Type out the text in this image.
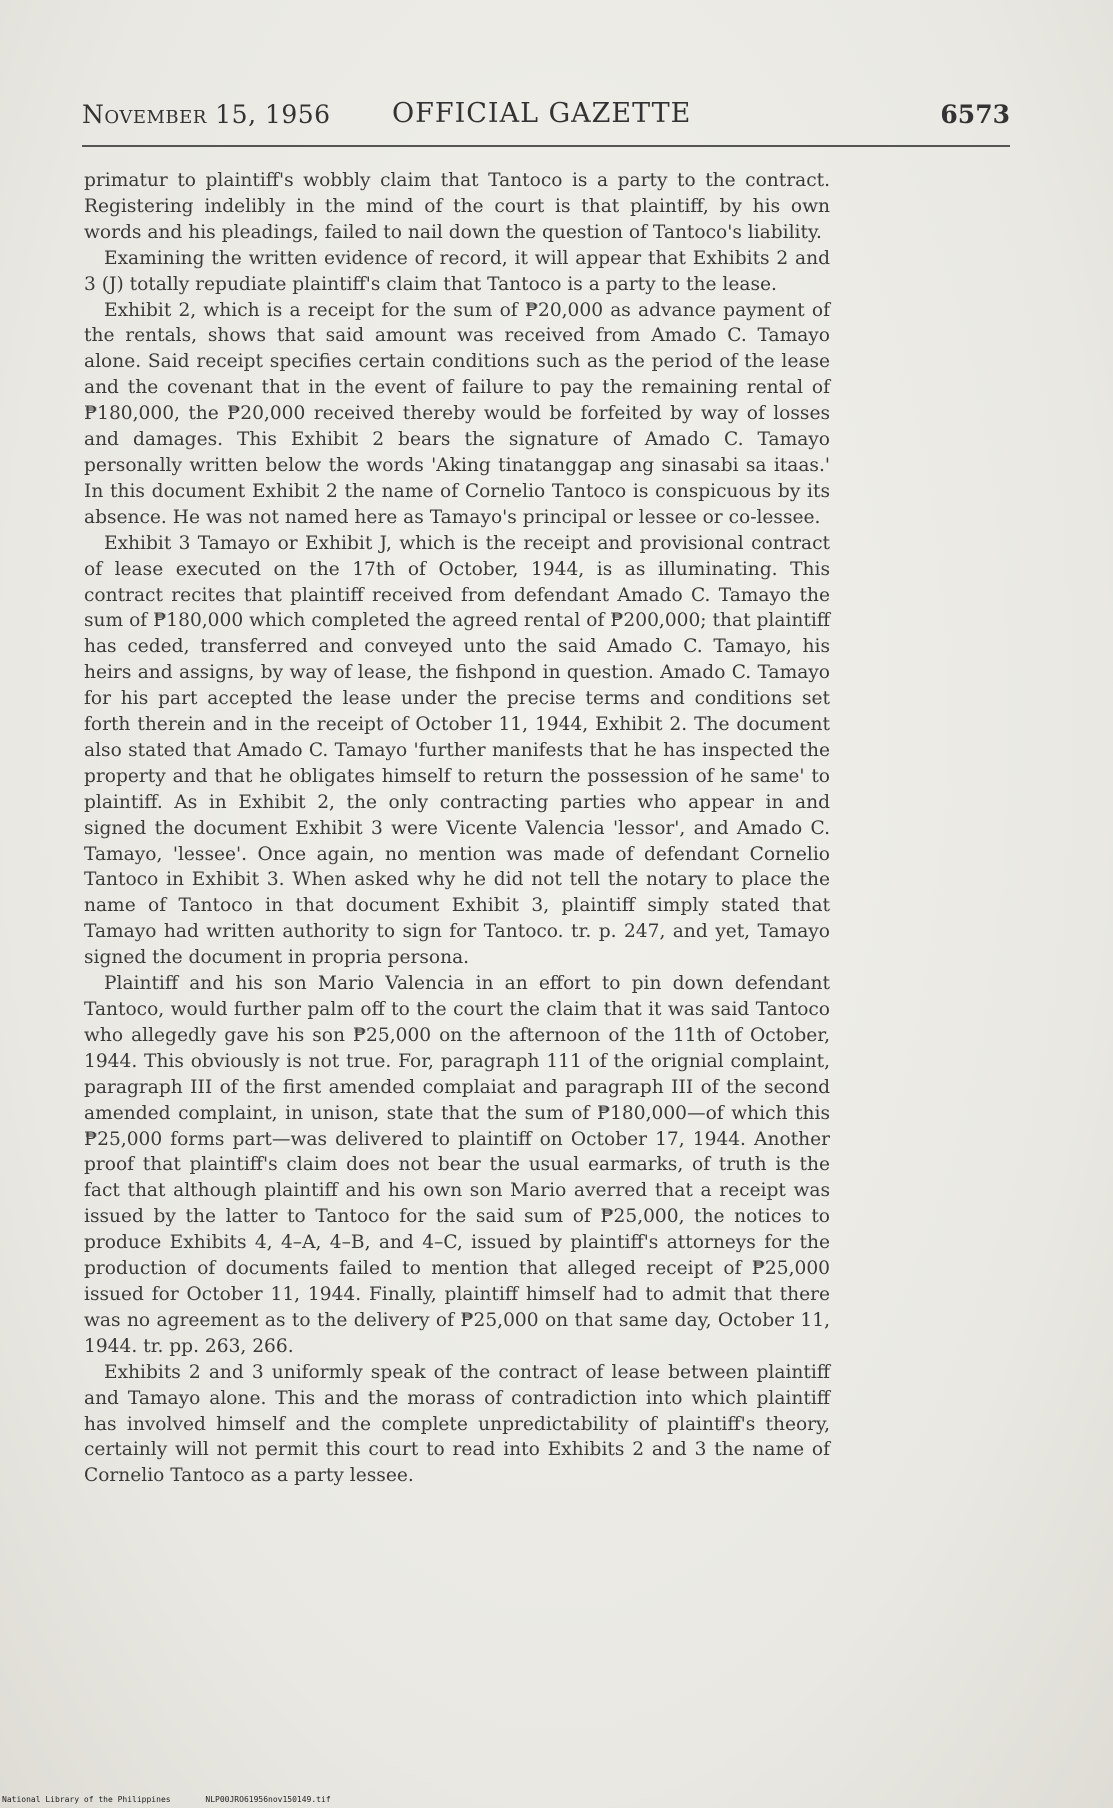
November 15, 1956 OFFICIAL GAZETTE	6573

primatur to plaintiff's wobbly claim that Tantoco is a party to the contract. Registering indelibly in the mind of the court is that plaintiff, by his own words and his pleadings, failed to nail down the question of Tantoco's liability.

Examining the written evidence of record, it will appear that Exhibits 2 and 3 (J) totally repudiate plaintiff's claim that Tantoco is a party to the lease.

Exhibit 2, which is a receipt for the sum of ₱20,000 as advance payment of the rentals, shows that said amount was received from Amado C. Tamayo alone. Said receipt specifies certain conditions such as the period of the lease and the covenant that in the event of failure to pay the remaining rental of ₱180,000, the ₱20,000 received thereby would be forfeited by way of losses and damages. This Exhibit 2 bears the signature of Amado C. Tamayo personally written below the words 'Aking tinatanggap ang sinasabi sa itaas.' In this document Exhibit 2 the name of Cornelio Tantoco is conspicuous by its absence. He was not named here as Tamayo's principal or lessee or co-lessee.

Exhibit 3 Tamayo or Exhibit J, which is the receipt and provisional contract of lease executed on the 17th of October, 1944, is as illuminating. This contract recites that plaintiff received from defendant Amado C. Tamayo the sum of ₱180,000 which completed the agreed rental of ₱200,000; that plaintiff has ceded, transferred and conveyed unto the said Amado C. Tamayo, his heirs and assigns, by way of lease, the fishpond in question. Amado C. Tamayo for his part accepted the lease under the precise terms and conditions set forth therein and in the receipt of October 11, 1944, Exhibit 2. The document also stated that Amado C. Tamayo 'further manifests that he has inspected the property and that he obligates himself to return the possession of he same' to plaintiff. As in Exhibit 2, the only contracting parties who appear in and signed the document Exhibit 3 were Vicente Valencia 'lessor', and Amado C. Tamayo, 'lessee'. Once again, no mention was made of defendant Cornelio Tantoco in Exhibit 3. When asked why he did not tell the notary to place the name of Tantoco in that document Exhibit 3, plaintiff simply stated that Tamayo had written authority to sign for Tantoco. tr. p. 247, and yet, Tamayo signed the document in propria persona.

Plaintiff and his son Mario Valencia in an effort to pin down defendant Tantoco, would further palm off to the court the claim that it was said Tantoco who allegedly gave his son ₱25,000 on the afternoon of the 11th of October, 1944. This obviously is not true. For, paragraph 111 of the orignial complaint, paragraph III of the first amended complaiat and paragraph III of the second amended complaint, in unison, state that the sum of ₱180,000—of which this ₱25,000 forms part—was delivered to plaintiff on October 17, 1944. Another proof that plaintiff's claim does not bear the usual earmarks, of truth is the fact that although plaintiff and his own son Mario averred that a receipt was issued by the latter to Tantoco for the said sum of ₱25,000, the notices to produce Exhibits 4, 4–A, 4–B, and 4–C, issued by plaintiff's attorneys for the production of documents failed to mention that alleged receipt of ₱25,000 issued for October 11, 1944. Finally, plaintiff himself had to admit that there was no agreement as to the delivery of ₱25,000 on that same day, October 11, 1944. tr. pp. 263, 266.

Exhibits 2 and 3 uniformly speak of the contract of lease between plaintiff and Tamayo alone. This and the morass of contradiction into which plaintiff has involved himself and the complete unpredictability of plaintiff's theory, certainly will not permit this court to read into Exhibits 2 and 3 the name of Cornelio Tantoco as a party lessee.

National Library of the Philippines	NLP00JRO61956nov150149.tif
